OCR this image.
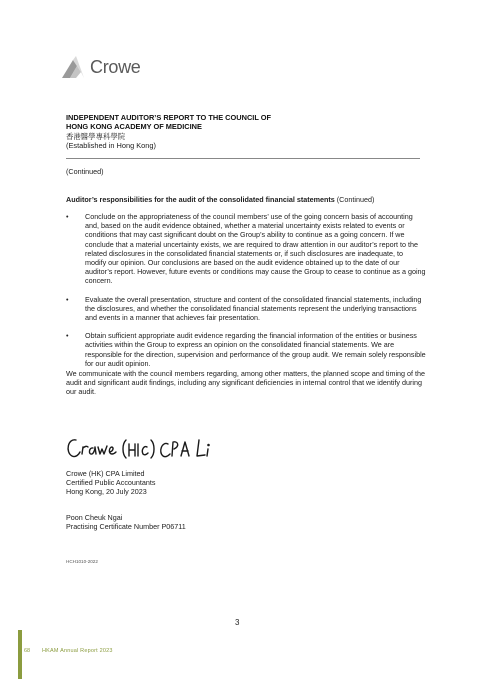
Crowe
INDEPENDENT AUDITOR’S REPORT TO THE COUNCIL OF
HONG KONG ACADEMY OF MEDICINE
香港醫學專科學院
(Established in Hong Kong)
(Continued)
Auditor’s responsibilities for the audit of the consolidated financial statements (Continued)
• Conclude on the appropriateness of the council members’ use of the going concern basis of accounting and, based on the audit evidence obtained, whether a material uncertainty exists related to events or conditions that may cast significant doubt on the Group’s ability to continue as a going concern. If we conclude that a material uncertainty exists, we are required to draw attention in our auditor’s report to the related disclosures in the consolidated financial statements or, if such disclosures are inadequate, to modify our opinion. Our conclusions are based on the audit evidence obtained up to the date of our auditor’s report. However, future events or conditions may cause the Group to cease to continue as a going concern.
• Evaluate the overall presentation, structure and content of the consolidated financial statements, including the disclosures, and whether the consolidated financial statements represent the underlying transactions and events in a manner that achieves fair presentation.
• Obtain sufficient appropriate audit evidence regarding the financial information of the entities or business activities within the Group to express an opinion on the consolidated financial statements. We are responsible for the direction, supervision and performance of the group audit. We remain solely responsible for our audit opinion.
We communicate with the council members regarding, among other matters, the planned scope and timing of the audit and significant audit findings, including any significant deficiencies in internal control that we identify during our audit.
Crowe (HK) CPA Limited
Certified Public Accountants
Hong Kong, 20 July 2023
Poon Cheuk Ngai
Practising Certificate Number P06711
HCH1010-2022
3
68 HKAM Annual Report 2023
